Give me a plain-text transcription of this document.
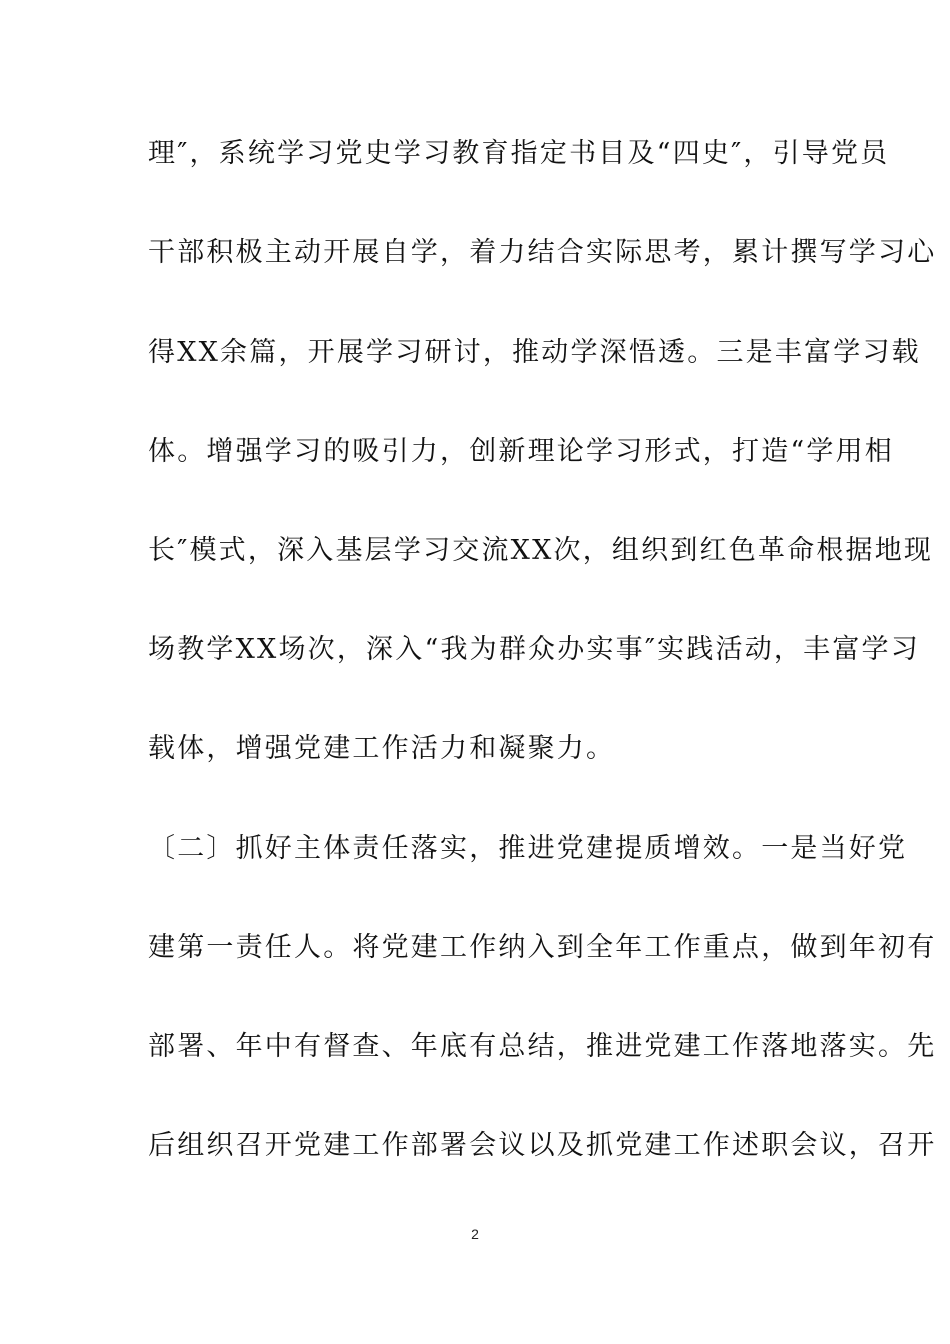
理″，系统学习党史学习教育指定书目及“四史″，引导党员
干部积极主动开展自学，着力结合实际思考，累计撰写学习心
得XX余篇，开展学习研讨，推动学深悟透。三是丰富学习载
体。增强学习的吸引力，创新理论学习形式，打造“学用相
长″模式，深入基层学习交流XX次，组织到红色革命根据地现
场教学XX场次，深入“我为群众办实事″实践活动，丰富学习
载体，增强党建工作活力和凝聚力。
〔二〕抓好主体责任落实，推进党建提质增效。一是当好党
建第一责任人。将党建工作纳入到全年工作重点，做到年初有
部署、年中有督查、年底有总结，推进党建工作落地落实。先
后组织召开党建工作部署会议以及抓党建工作述职会议，召开
2
